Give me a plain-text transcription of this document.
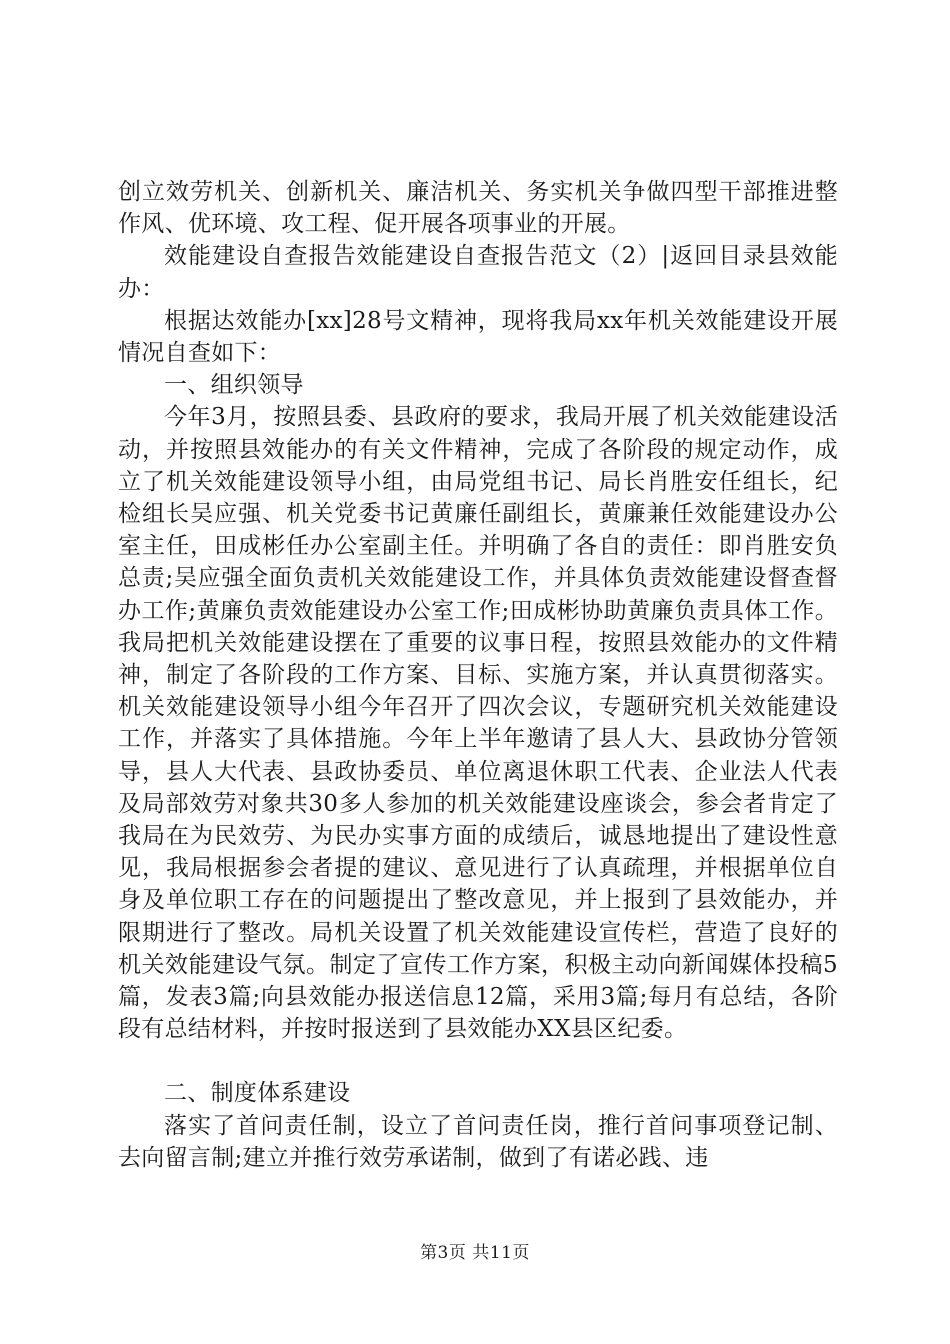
创立效劳机关、创新机关、廉洁机关、务实机关争做四型干部推进整作风、优环境、攻工程、促开展各项事业的开展。

效能建设自查报告效能建设自查报告范文（2）|返回目录县效能办：

根据达效能办[xx]28号文精神，现将我局xx年机关效能建设开展情况自查如下：

一、组织领导

今年3月，按照县委、县政府的要求，我局开展了机关效能建设活动，并按照县效能办的有关文件精神，完成了各阶段的规定动作，成立了机关效能建设领导小组，由局党组书记、局长肖胜安任组长，纪检组长吴应强、机关党委书记黄廉任副组长，黄廉兼任效能建设办公室主任，田成彬任办公室副主任。并明确了各自的责任：即肖胜安负总责;吴应强全面负责机关效能建设工作，并具体负责效能建设督查督办工作;黄廉负责效能建设办公室工作;田成彬协助黄廉负责具体工作。我局把机关效能建设摆在了重要的议事日程，按照县效能办的文件精神，制定了各阶段的工作方案、目标、实施方案，并认真贯彻落实。机关效能建设领导小组今年召开了四次会议，专题研究机关效能建设工作，并落实了具体措施。今年上半年邀请了县人大、县政协分管领导，县人大代表、县政协委员、单位离退休职工代表、企业法人代表及局部效劳对象共30多人参加的机关效能建设座谈会，参会者肯定了我局在为民效劳、为民办实事方面的成绩后，诚恳地提出了建设性意见，我局根据参会者提的建议、意见进行了认真疏理，并根据单位自身及单位职工存在的问题提出了整改意见，并上报到了县效能办，并限期进行了整改。局机关设置了机关效能建设宣传栏，营造了良好的机关效能建设气氛。制定了宣传工作方案，积极主动向新闻媒体投稿5篇，发表3篇;向县效能办报送信息12篇，采用3篇;每月有总结，各阶段有总结材料，并按时报送到了县效能办XX县区纪委。

二、制度体系建设

落实了首问责任制，设立了首问责任岗，推行首问事项登记制、去向留言制;建立并推行效劳承诺制，做到了有诺必践、违

第3页 共11页
